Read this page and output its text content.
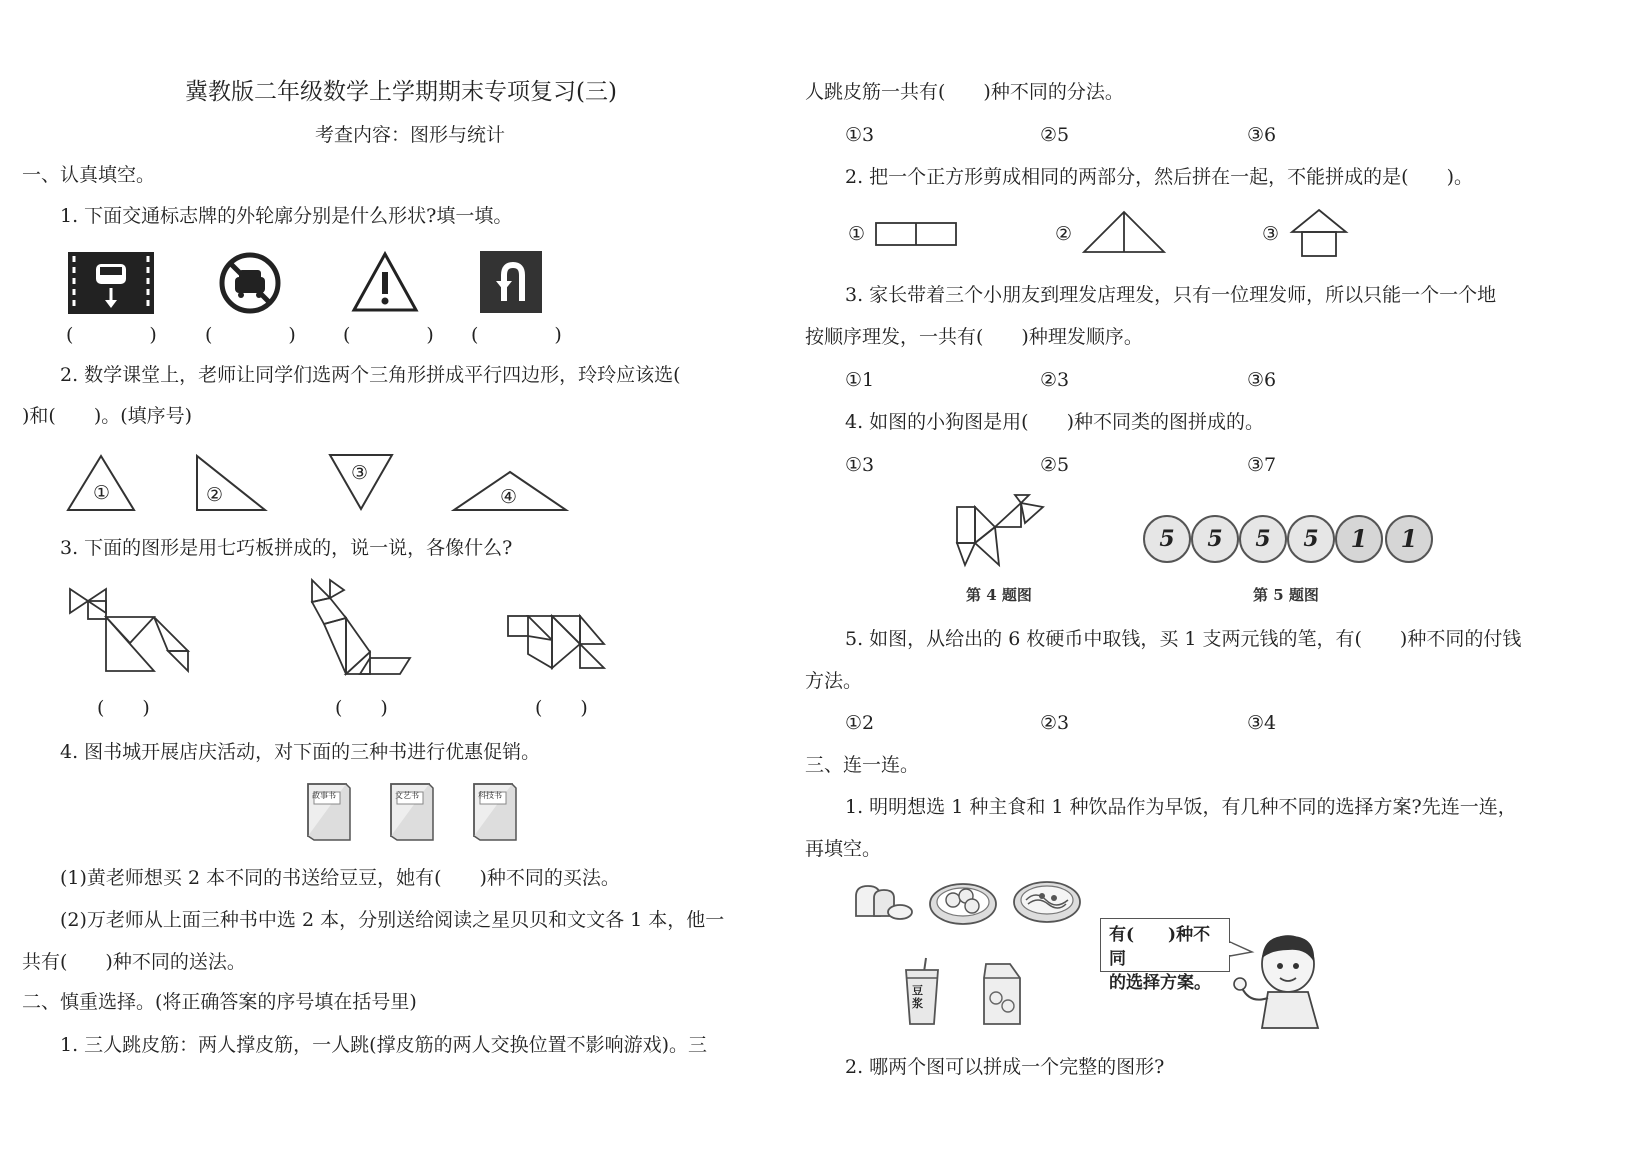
冀教版二年级数学上学期期末专项复习(三)
考查内容：图形与统计
一、认真填空。
1. 下面交通标志牌的外轮廓分别是什么形状?填一填。
(　　　　)	(　　　　) (　　　　) (　　　　)
2. 数学课堂上，老师让同学们选两个三角形拼成平行四边形，玲玲应该选(
)和(　　)。(填序号)
①	②
③
④
3. 下面的图形是用七巧板拼成的，说一说，各像什么?
(　　)	(　　)	(　　)
4. 图书城开展店庆活动，对下面的三种书进行优惠促销。
故事书	文艺书	科技书
(1)黄老师想买 2 本不同的书送给豆豆，她有(　　)种不同的买法。
(2)万老师从上面三种书中选 2 本，分别送给阅读之星贝贝和文文各 1 本，他一
共有(　　)种不同的送法。
二、慎重选择。(将正确答案的序号填在括号里)
1. 三人跳皮筋：两人撑皮筋，一人跳(撑皮筋的两人交换位置不影响游戏)。三
人跳皮筋一共有(　　)种不同的分法。
①3	②5	③6
2. 把一个正方形剪成相同的两部分，然后拼在一起，不能拼成的是(　　)。
①	②	③
3. 家长带着三个小朋友到理发店理发，只有一位理发师，所以只能一个一个地
按顺序理发，一共有(　　)种理发顺序。
①1	②3	③6
4. 如图的小狗图是用(　　)种不同类的图拼成的。
①3	②5	③7
第 4 题图
5	5	5	5	1	1
第 5 题图
5. 如图，从给出的 6 枚硬币中取钱，买 1 支两元钱的笔，有(　　)种不同的付钱
方法。
①2	②3	③4
三、连一连。
1. 明明想选 1 种主食和 1 种饮品作为早饭，有几种不同的选择方案?先连一连，
再填空。
豆浆
有(　　)种不同
的选择方案。
2. 哪两个图可以拼成一个完整的图形?
